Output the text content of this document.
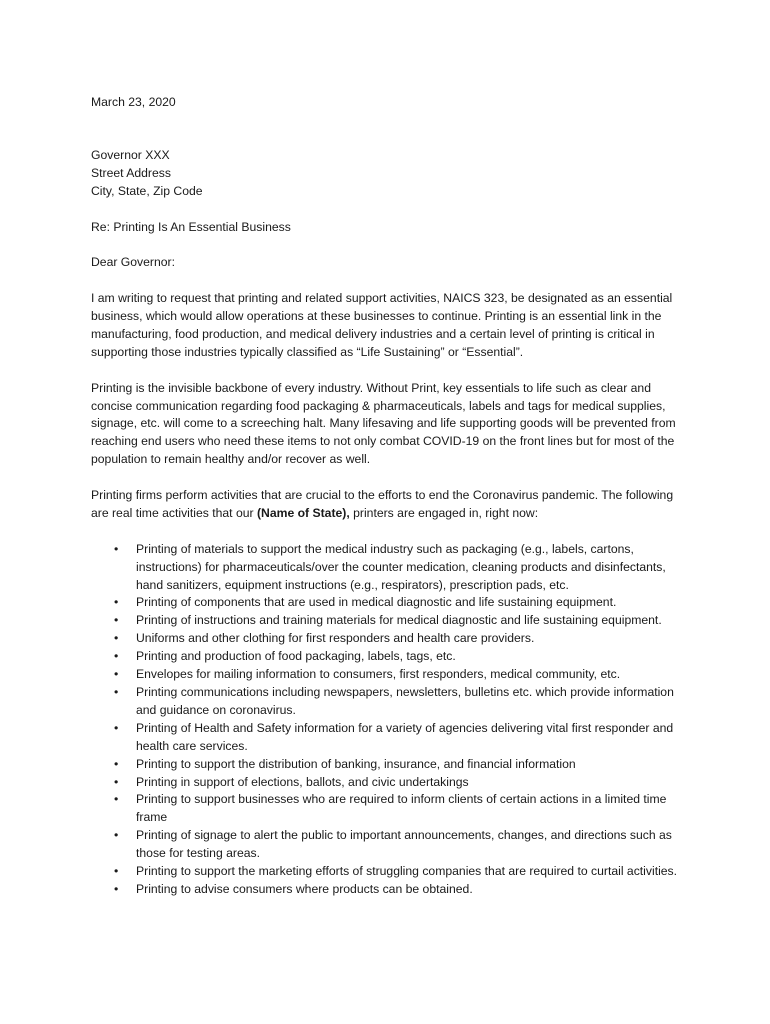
March 23, 2020

Governor XXX

Street Address

City, State, Zip Code

Re: Printing Is An Essential Business

Dear Governor:

I am writing to request that printing and related support activities, NAICS 323, be designated as an essential business, which would allow operations at these businesses to continue. Printing is an essential link in the manufacturing, food production, and medical delivery industries and a certain level of printing is critical in supporting those industries typically classified as “Life Sustaining” or “Essential”.

Printing is the invisible backbone of every industry. Without Print, key essentials to life such as clear and concise communication regarding food packaging & pharmaceuticals, labels and tags for medical supplies, signage, etc. will come to a screeching halt. Many lifesaving and life supporting goods will be prevented from reaching end users who need these items to not only combat COVID-19 on the front lines but for most of the population to remain healthy and/or recover as well.

Printing firms perform activities that are crucial to the efforts to end the Coronavirus pandemic. The following are real time activities that our (Name of State), printers are engaged in, right now:

• Printing of materials to support the medical industry such as packaging (e.g., labels, cartons, instructions) for pharmaceuticals/over the counter medication, cleaning products and disinfectants, hand sanitizers, equipment instructions (e.g., respirators), prescription pads, etc.
• Printing of components that are used in medical diagnostic and life sustaining equipment.
• Printing of instructions and training materials for medical diagnostic and life sustaining equipment.
• Uniforms and other clothing for first responders and health care providers.
• Printing and production of food packaging, labels, tags, etc.
• Envelopes for mailing information to consumers, first responders, medical community, etc.
• Printing communications including newspapers, newsletters, bulletins etc. which provide information and guidance on coronavirus.
• Printing of Health and Safety information for a variety of agencies delivering vital first responder and health care services.
• Printing to support the distribution of banking, insurance, and financial information
• Printing in support of elections, ballots, and civic undertakings
• Printing to support businesses who are required to inform clients of certain actions in a limited time frame
• Printing of signage to alert the public to important announcements, changes, and directions such as those for testing areas.
• Printing to support the marketing efforts of struggling companies that are required to curtail activities.
• Printing to advise consumers where products can be obtained.
